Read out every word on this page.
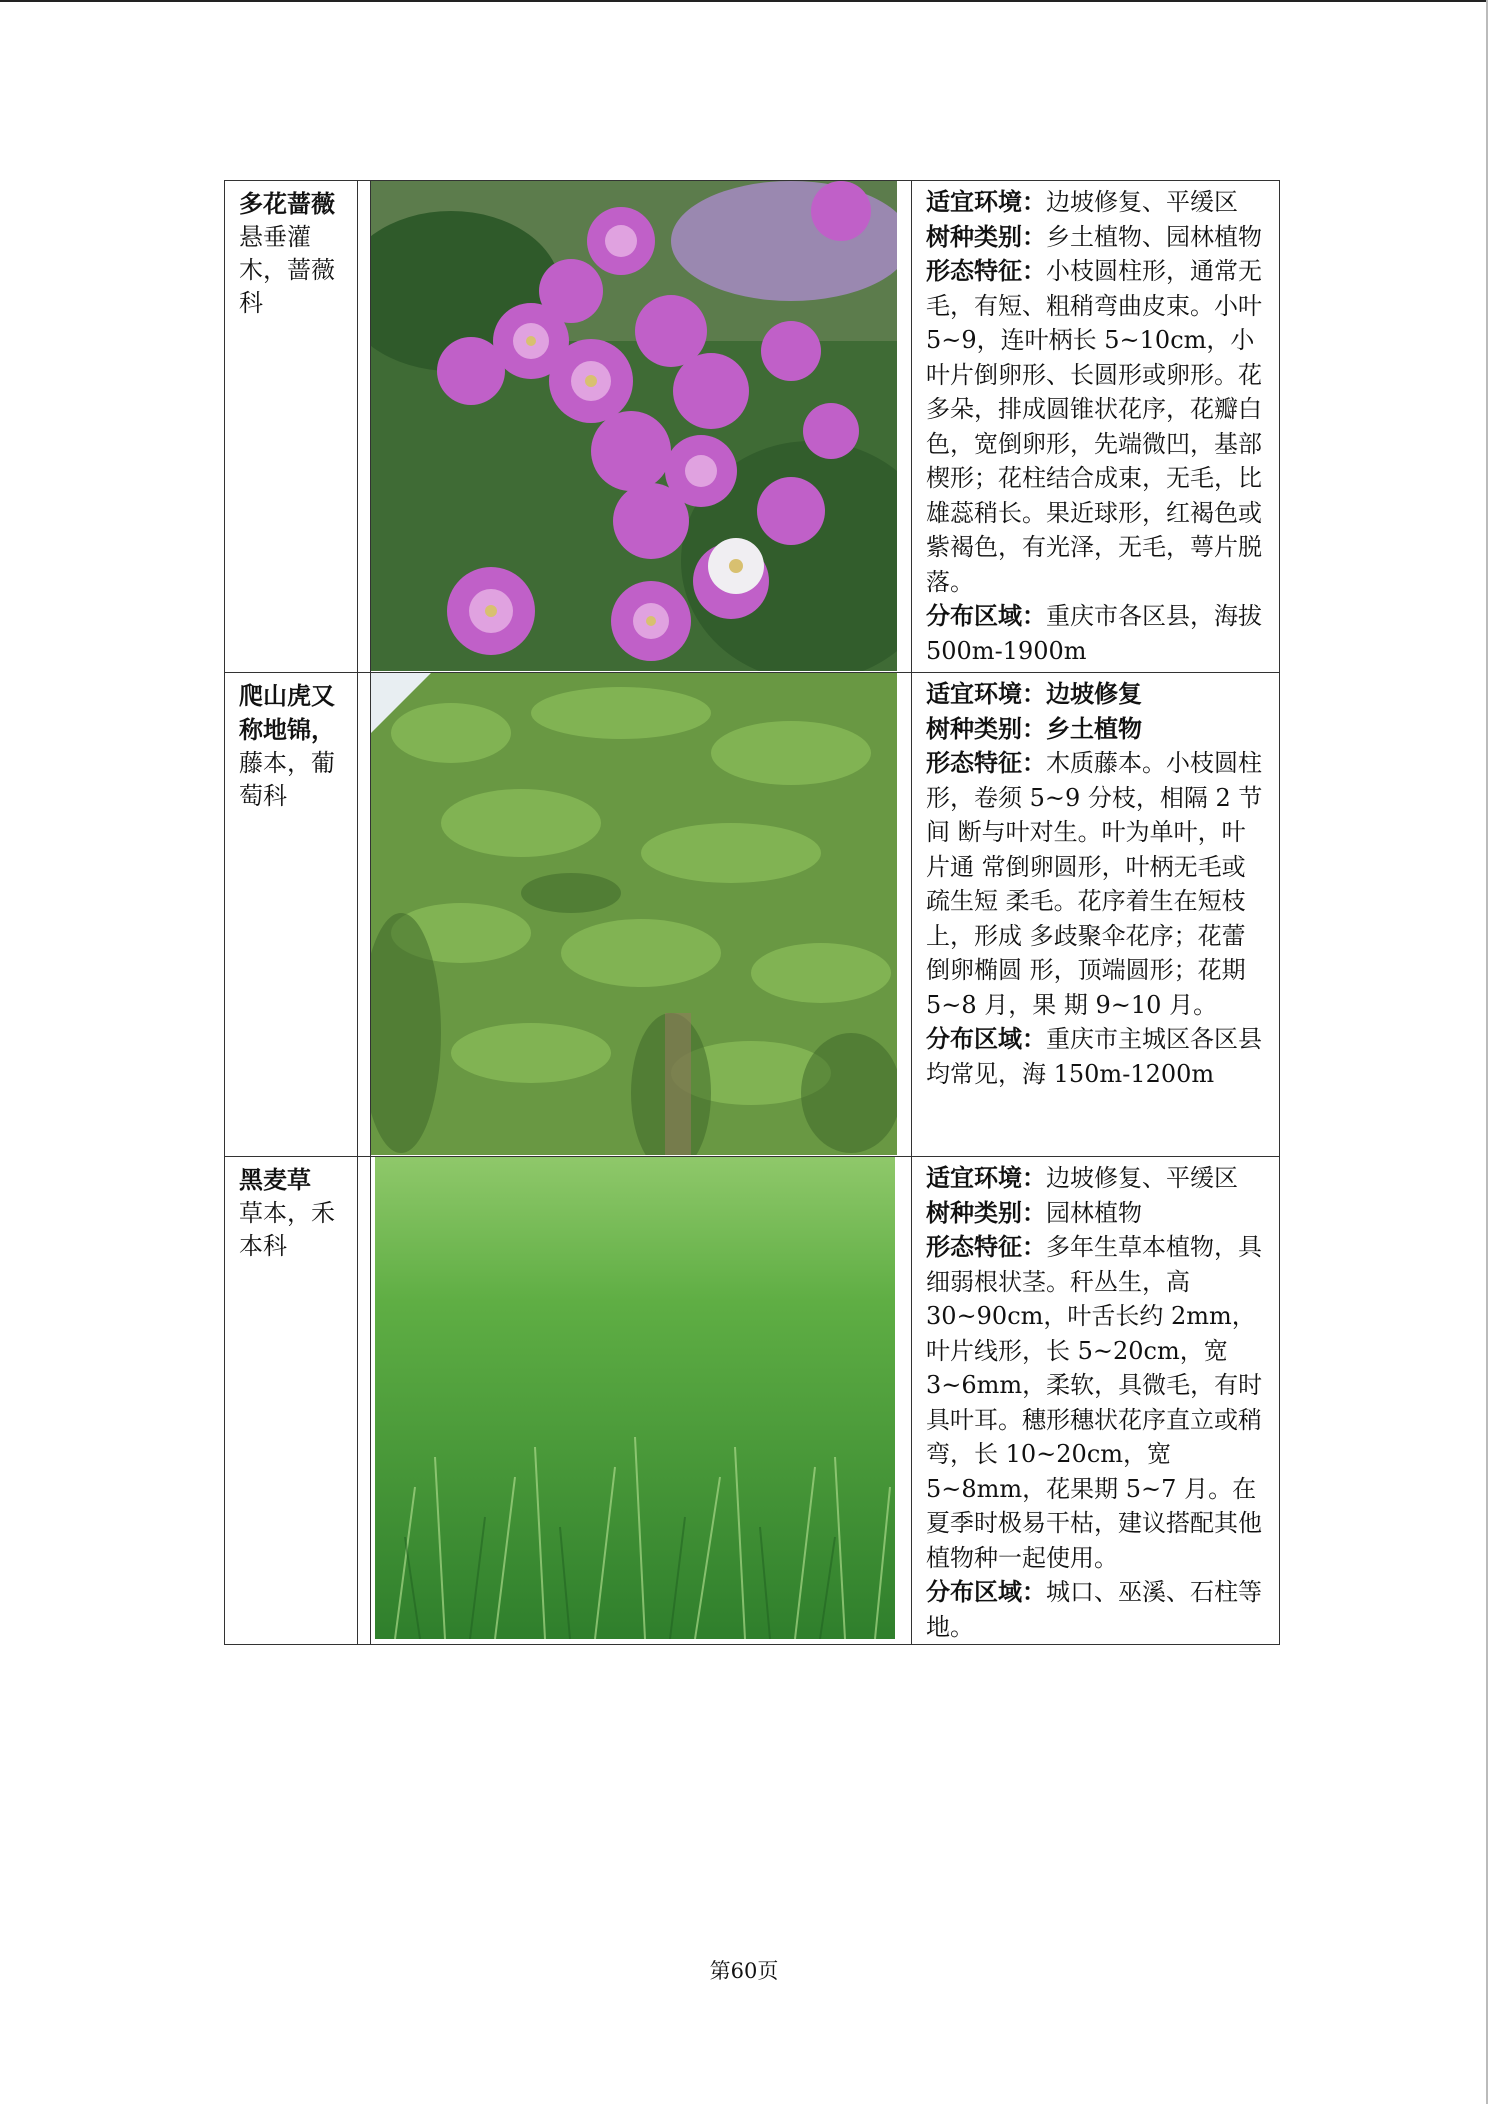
多花蔷薇
悬垂灌木，蔷薇科			适宜环境：边坡修复、平缓区
树种类别：乡土植物、园林植物
形态特征：小枝圆柱形，通常无毛，有短、粗稍弯曲皮束。小叶5~9，连叶柄长 5~10cm，小叶片倒卵形、长圆形或卵形。花多朵，排成圆锥状花序，花瓣白色，宽倒卵形，先端微凹，基部楔形；花柱结合成束，无毛，比雄蕊稍长。果近球形，红褐色或紫褐色，有光泽，无毛，萼片脱落。
分布区域：重庆市各区县，海拔500m-1900m

爬山虎又称地锦，藤本，葡萄科			适宜环境：边坡修复
树种类别：乡土植物
形态特征：木质藤本。小枝圆柱形，卷须 5~9 分枝，相隔 2 节间 断与叶对生。叶为单叶，叶片通 常倒卵圆形，叶柄无毛或疏生短 柔毛。花序着生在短枝上，形成 多歧聚伞花序；花蕾倒卵椭圆 形，顶端圆形；花期 5~8 月，果 期 9~10 月。
分布区域：重庆市主城区各区县均常见，海 150m-1200m

黑麦草
草本，禾本科			适宜环境：边坡修复、平缓区
树种类别：园林植物
形态特征：多年生草本植物，具细弱根状茎。秆丛生，高 30~90cm，叶舌长约 2mm，叶片线形，长 5~20cm，宽 3~6mm，柔软，具微毛，有时具叶耳。穗形穗状花序直立或稍弯，长 10~20cm，宽 5~8mm，花果期 5~7 月。在夏季时极易干枯，建议搭配其他植物种一起使用。
分布区域：城口、巫溪、石柱等地。
第60页
